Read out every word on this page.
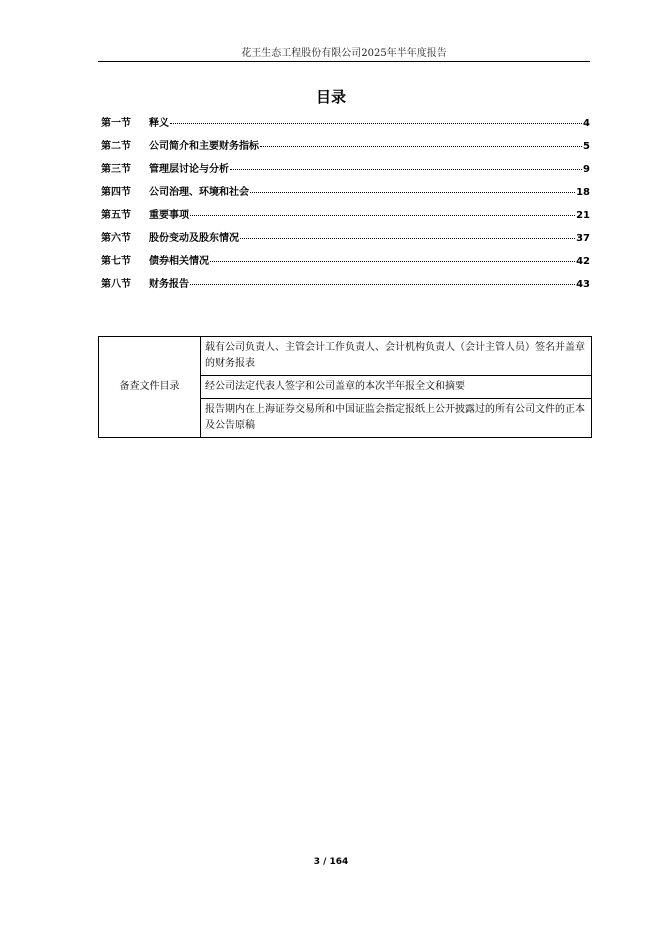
花王生态工程股份有限公司2025年半年度报告
目录
第一节	释义	4
第二节	公司简介和主要财务指标	5
第三节	管理层讨论与分析	9
第四节	公司治理、环境和社会	18
第五节	重要事项	21
第六节	股份变动及股东情况	37
第七节	债券相关情况	42
第八节	财务报告	43
备查文件目录	载有公司负责人、主管会计工作负责人、会计机构负责人（会计主管人员）签名并盖章的财务报表
经公司法定代表人签字和公司盖章的本次半年报全文和摘要
报告期内在上海证券交易所和中国证监会指定报纸上公开披露过的所有公司文件的正本及公告原稿
3 / 164
